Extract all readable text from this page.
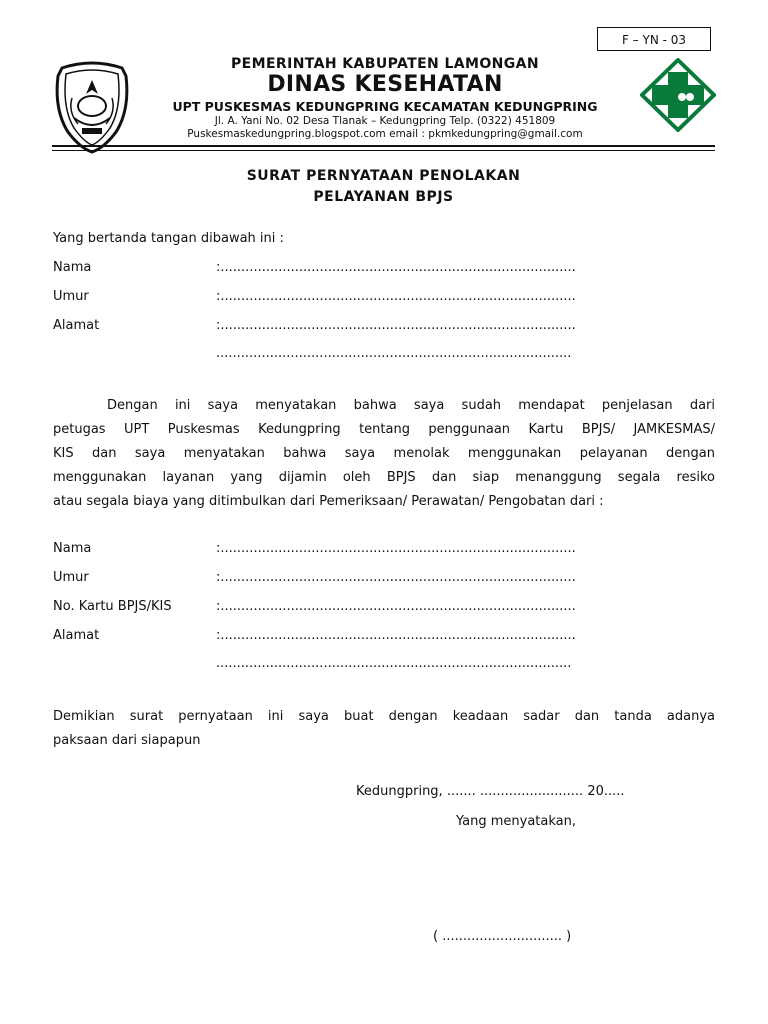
F – YN - 03
PEMERINTAH KABUPATEN LAMONGAN
DINAS KESEHATAN
UPT PUSKESMAS KEDUNGPRING KECAMATAN KEDUNGPRING
Jl. A. Yani No. 02 Desa Tlanak – Kedungpring Telp. (0322) 451809
Puskesmaskedungpring.blogspot.com email : pkmkedungpring@gmail.com
SURAT PERNYATAAN PENOLAKAN
PELAYANAN BPJS
Yang bertanda tangan dibawah ini :
Nama	:......................................................................................
Umur	:......................................................................................
Alamat	:......................................................................................
......................................................................................
Dengan ini saya menyatakan bahwa saya sudah mendapat penjelasan dari
petugas UPT Puskesmas Kedungpring tentang penggunaan Kartu BPJS/ JAMKESMAS/
KIS dan saya menyatakan bahwa saya menolak menggunakan pelayanan dengan
menggunakan layanan yang dijamin oleh BPJS dan siap menanggung segala resiko
atau segala biaya yang ditimbulkan dari Pemeriksaan/ Perawatan/ Pengobatan dari :
Nama	:......................................................................................
Umur	:......................................................................................
No. Kartu BPJS/KIS	:......................................................................................
Alamat	:......................................................................................
......................................................................................
Demikian surat pernyataan ini saya buat dengan keadaan sadar dan tanda adanya
paksaan dari siapapun
Kedungpring, ....... ......................... 20.....
Yang menyatakan,
( ............................. )
